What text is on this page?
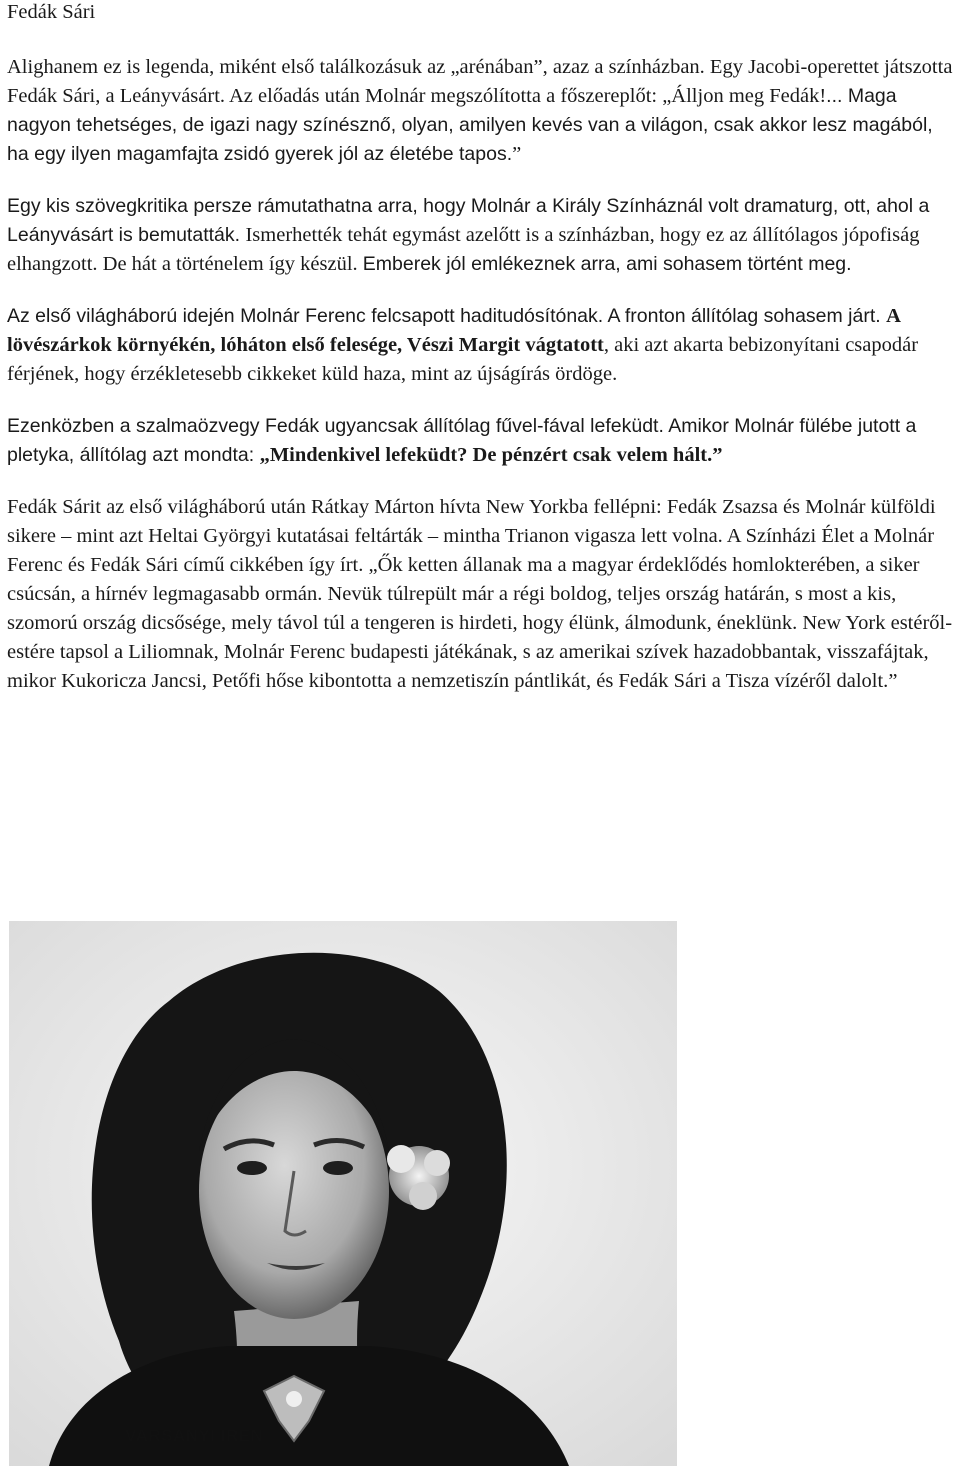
Fedák Sári

Alighanem ez is legenda, miként első találkozásuk az „arénában”, azaz a színházban. Egy Jacobi-operettet játszotta Fedák Sári, a Leányvásárt. Az előadás után Molnár megszólította a főszereplőt: „Álljon meg Fedák!... Maga nagyon tehetséges, de igazi nagy színésznő, olyan, amilyen kevés van a világon, csak akkor lesz magából, ha egy ilyen magamfajta zsidó gyerek jól az életébe tapos.”

Egy kis szövegkritika persze rámutathatna arra, hogy Molnár a Király Színháznál volt dramaturg, ott, ahol a Leányvásárt is bemutatták. Ismerhették tehát egymást azelőtt is a színházban, hogy ez az állítólagos jópofiság elhangzott. De hát a történelem így készül. Emberek jól emlékeznek arra, ami sohasem történt meg.

Az első világháború idején Molnár Ferenc felcsapott haditudósítónak. A fronton állítólag sohasem járt. A lövészárkok környékén, lóháton első felesége, Vészi Margit vágtatott, aki azt akarta bebizonyítani csapodár férjének, hogy érzékletesebb cikkeket küld haza, mint az újságírás ördöge.

Ezenközben a szalmaözvegy Fedák ugyancsak állítólag fűvel-fával lefeküdt. Amikor Molnár fülébe jutott a pletyka, állítólag azt mondta: „Mindenkivel lefeküdt? De pénzért csak velem hált.”

Fedák Sárit az első világháború után Rátkay Márton hívta New Yorkba fellépni: Fedák Zsazsa és Molnár külföldi sikere – mint azt Heltai Györgyi kutatásai feltárták – mintha Trianon vigasza lett volna. A Színházi Élet a Molnár Ferenc és Fedák Sári című cikkében így írt. „Ők ketten állanak ma a magyar érdeklődés homlokterében, a siker csúcsán, a hírnév legmagasabb ormán. Nevük túlrepült már a régi boldog, teljes ország határán, s most a kis, szomorú ország dicsősége, mely távol túl a tengeren is hirdeti, hogy élünk, álmodunk, éneklünk. New York estéről-estére tapsol a Liliomnak, Molnár Ferenc budapesti játékának, s az amerikai szívek hazadobbantak, visszafájtak, mikor Kukoricza Jancsi, Petőfi hőse kibontotta a nemzetiszín pántlikát, és Fedák Sári a Tisza vízéről dalolt.”

VARSÁNYI IRÉN
